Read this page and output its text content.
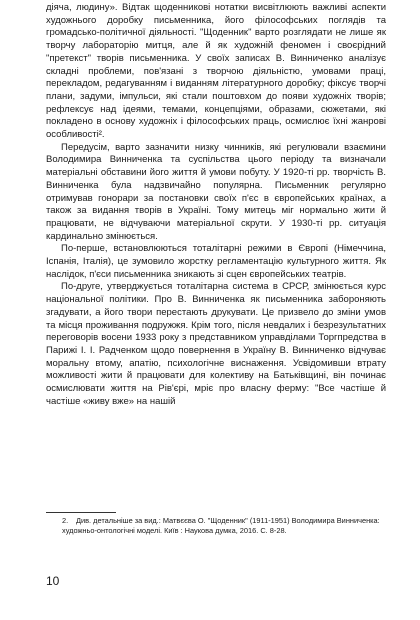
діяча, людину». Відтак щоденникові нотатки висвітлюють важливі аспекти художнього доробку письменника, його філософських поглядів та громадсько-політичної діяльності. "Щоденник" варто розглядати не лише як творчу лабораторію митця, але й як художній феномен і своєрідний "претекст" творів письменника. У своїх записах В. Винниченко аналізує складні проблеми, пов'язані з творчою діяльністю, умовами праці, перекладом, редагуванням і виданням літературного доробку; фіксує творчі плани, задуми, імпульси, які стали поштовхом до появи художніх творів; рефлексує над ідеями, темами, концепціями, образами, сюжетами, які покладено в основу художніх і філософських праць, осмислює їхні жанрові особливості².

Передусім, варто зазначити низку чинників, які регулювали взаємини Володимира Винниченка та суспільства цього періоду та визначали матеріальні обставини його життя й умови побуту. У 1920-ті рр. творчість В. Винниченка була надзвичайно популярна. Письменник регулярно отримував гонорари за постановки своїх п'єс в європейських країнах, а також за видання творів в Україні. Тому митець міг нормально жити й працювати, не відчуваючи матеріальної скрути. У 1930-ті рр. ситуація кардинально змінюється.

По-перше, встановлюються тоталітарні режими в Європі (Німеччина, Іспанія, Італія), це зумовило жорстку регламентацію культурного життя. Як наслідок, п'єси письменника зникають зі сцен європейських театрів.

По-друге, утверджується тоталітарна система в СРСР, змінюється курс національної політики. Про В. Винниченка як письменника забороняють згадувати, а його твори перестають друкувати. Це призвело до зміни умов та місця проживання подружжя. Крім того, після невдалих і безрезультатних переговорів восени 1933 року з представником управділами Торгпредства в Парижі І. І. Радченком щодо повернення в Україну В. Винниченко відчуває моральну втому, апатію, психологічне виснаження. Усвідомивши втрату можливості жити й працювати для колективу на Батьківщині, він починає осмислювати життя на Рів'єрі, мріє про власну ферму: "Все частіше й частіше «живу вже» на нашій

2. Див. детальніше за вид.: Матвєєва О. "Щоденник" (1911-1951) Володимира Винниченка: художньо-онтологічні моделі. Київ : Наукова думка, 2016. С. 8-28.
10
